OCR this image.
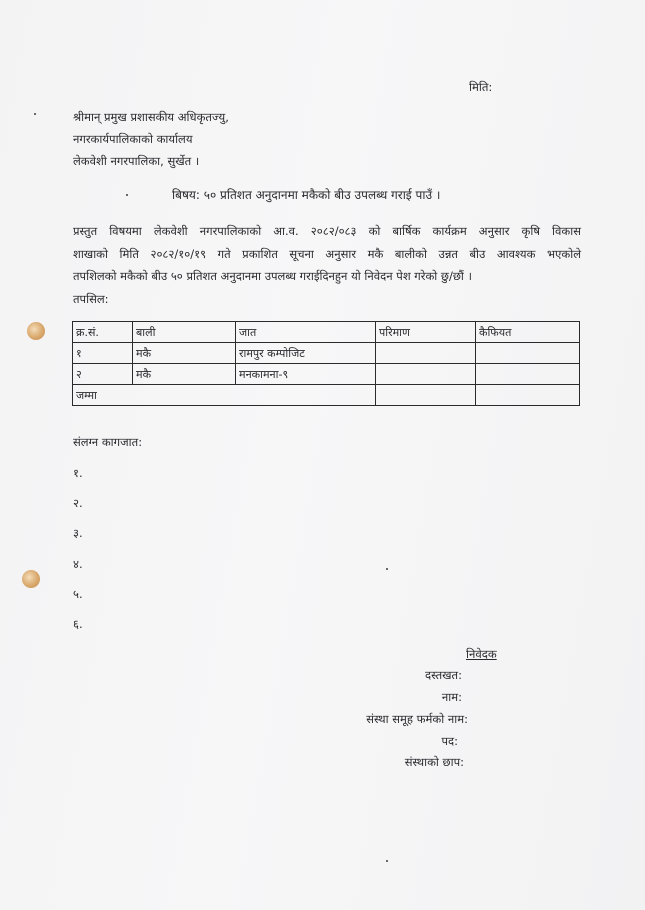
मिति:
श्रीमान् प्रमुख प्रशासकीय अधिकृतज्यु,
नगरकार्यपालिकाको कार्यालय
लेकवेशी नगरपालिका, सुर्खेत ।
बिषय: ५० प्रतिशत अनुदानमा मकैको बीउ उपलब्ध गराई पाउँ ।
प्रस्तुत विषयमा लेकवेशी नगरपालिकाको आ.व. २०८२/०८३ को बार्षिक कार्यक्रम अनुसार कृषि विकास
शाखाको मिति २०८२/१०/१९ गते प्रकाशित सूचना अनुसार मकै बालीको उन्नत बीउ आवश्यक भएकोले
तपशिलको मकैको बीउ ५० प्रतिशत अनुदानमा उपलब्ध गराईदिनहुन यो निवेदन पेश गरेको छु/छौं ।
तपसिल:
क्र.सं.	बाली	जात	परिमाण	कैफियत
१	मकै	रामपुर कम्पोजिट		
२	मकै	मनकामना-९		
जम्मा				
संलग्न कागजात:
१.
२.
३.
४.
५.
६.
निवेदक
दस्तखत:
नाम:
संस्था समूह फर्मको नाम:
पद:
संस्थाको छाप:
